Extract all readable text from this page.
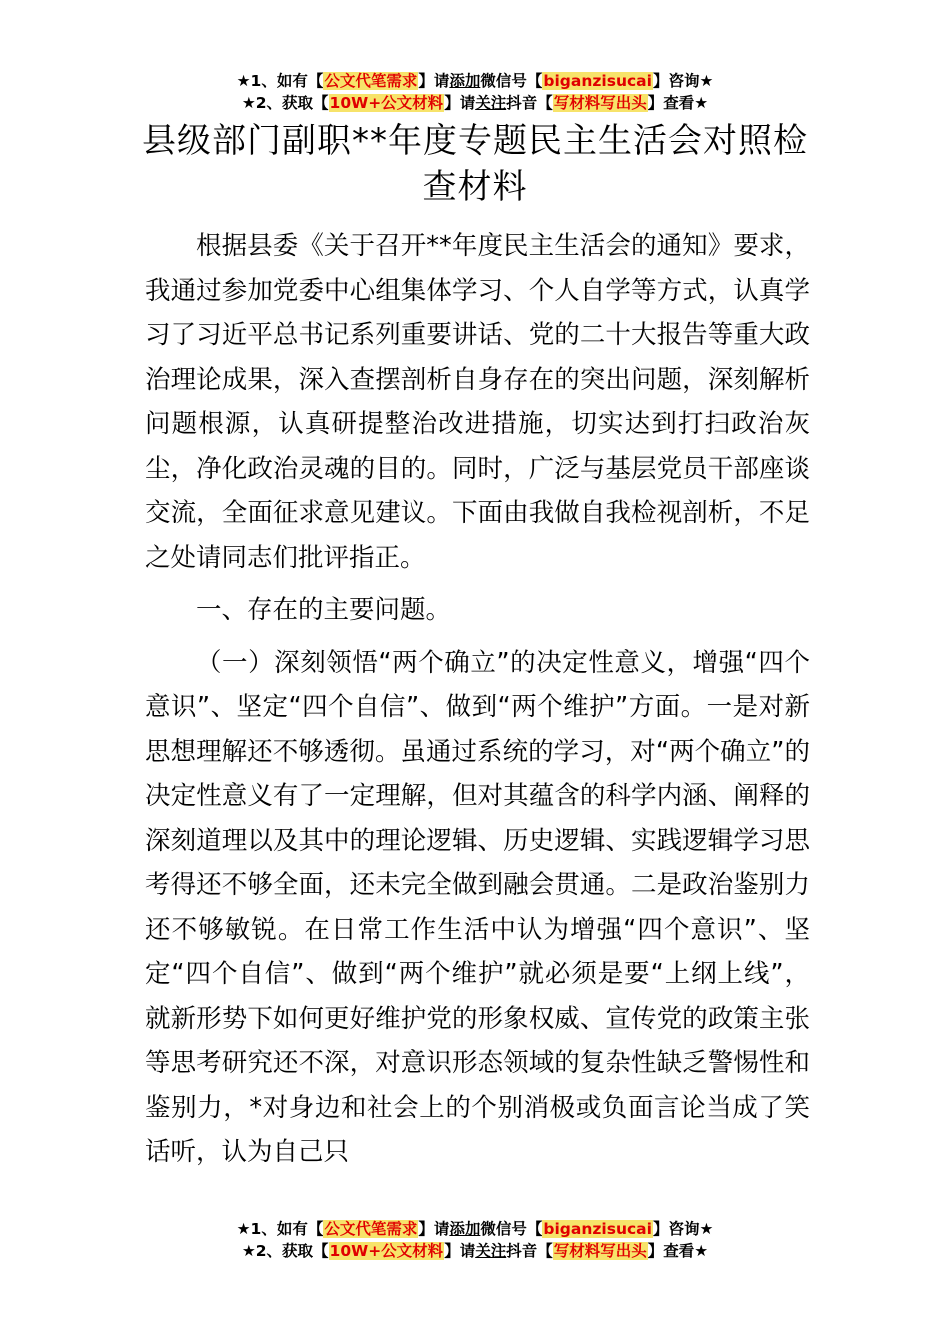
★1、如有【公文代笔需求】请添加微信号【biganzisucai】咨询★
★2、获取【10W+公文材料】请关注抖音【写材料写出头】查看★
县级部门副职**年度专题民主生活会对照检
查材料

根据县委《关于召开**年度民主生活会的通知》要求，我通过参加党委中心组集体学习、个人自学等方式，认真学习了习近平总书记系列重要讲话、党的二十大报告等重大政治理论成果，深入查摆剖析自身存在的突出问题，深刻解析问题根源，认真研提整治改进措施，切实达到打扫政治灰尘，净化政治灵魂的目的。同时，广泛与基层党员干部座谈交流，全面征求意见建议。下面由我做自我检视剖析，不足之处请同志们批评指正。

一、存在的主要问题。

（一）深刻领悟“两个确立”的决定性意义，增强“四个意识”、坚定“四个自信”、做到“两个维护”方面。一是对新思想理解还不够透彻。虽通过系统的学习，对“两个确立”的决定性意义有了一定理解，但对其蕴含的科学内涵、阐释的深刻道理以及其中的理论逻辑、历史逻辑、实践逻辑学习思考得还不够全面，还未完全做到融会贯通。二是政治鉴别力还不够敏锐。在日常工作生活中认为增强“四个意识”、坚定“四个自信”、做到“两个维护”就必须是要“上纲上线”，就新形势下如何更好维护党的形象权威、宣传党的政策主张等思考研究还不深，对意识形态领域的复杂性缺乏警惕性和鉴别力，*对身边和社会上的个别消极或负面言论当成了笑话听，认为自己只

★1、如有【公文代笔需求】请添加微信号【biganzisucai】咨询★
★2、获取【10W+公文材料】请关注抖音【写材料写出头】查看★
